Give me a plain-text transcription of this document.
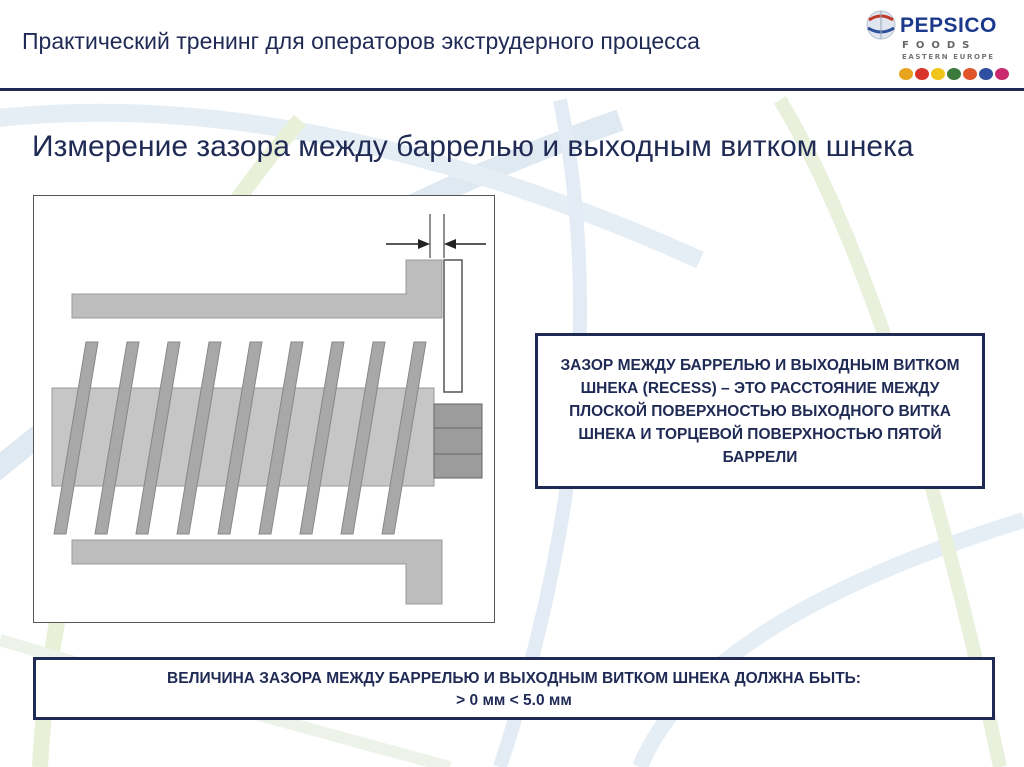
Практический тренинг для операторов экструдерного процесса
PEPSICO
FOODS
EASTERN EUROPE
Измерение зазора между баррелью и выходным витком шнека
ЗАЗОР МЕЖДУ БАРРЕЛЬЮ И ВЫХОДНЫМ ВИТКОМ ШНЕКА (RECESS) – ЭТО РАССТОЯНИЕ МЕЖДУ ПЛОСКОЙ ПОВЕРХНОСТЬЮ ВЫХОДНОГО ВИТКА ШНЕКА И ТОРЦЕВОЙ ПОВЕРХНОСТЬЮ ПЯТОЙ БАРРЕЛИ
ВЕЛИЧИНА ЗАЗОРА МЕЖДУ БАРРЕЛЬЮ И ВЫХОДНЫМ ВИТКОМ ШНЕКА ДОЛЖНА БЫТЬ:
> 0 мм < 5.0 мм
